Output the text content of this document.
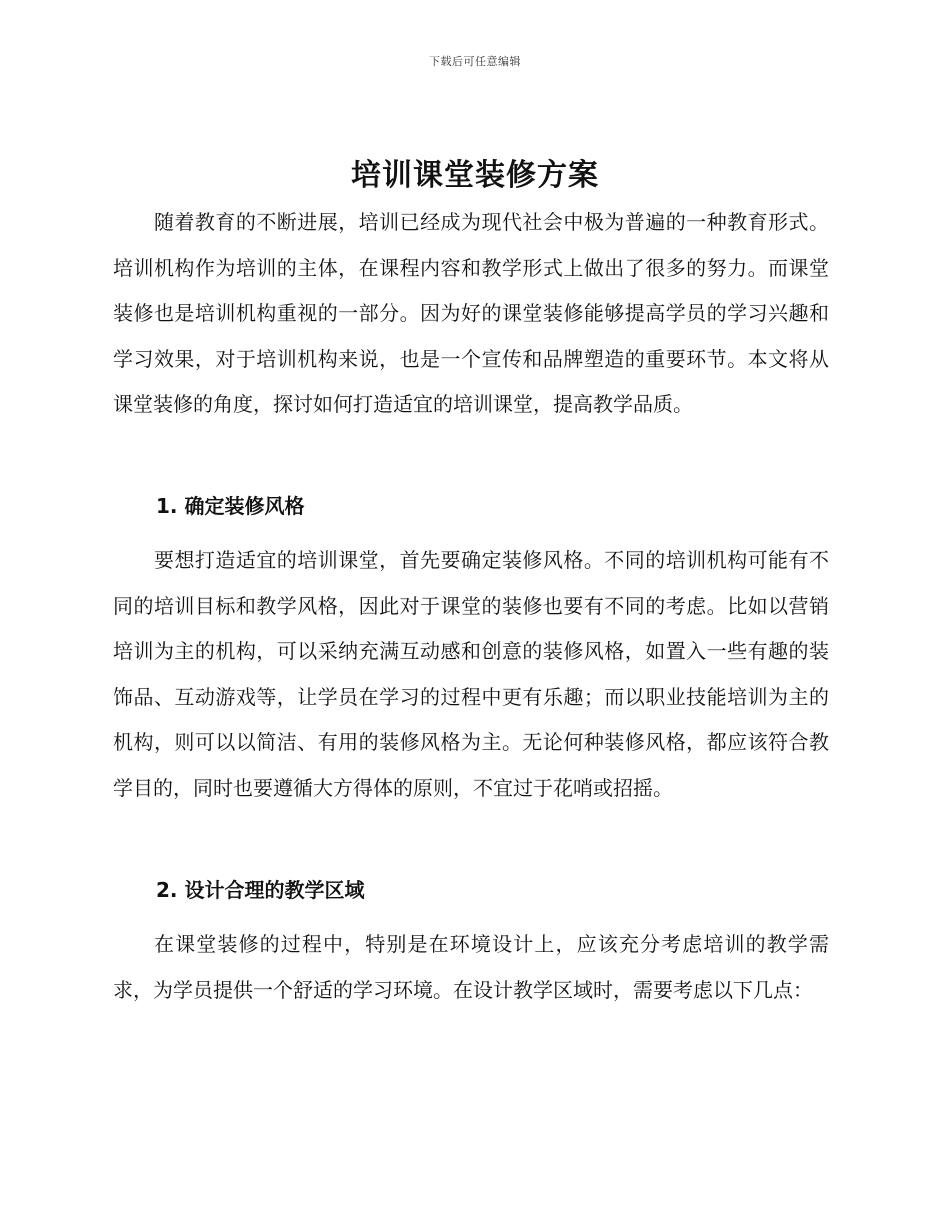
下载后可任意编辑
培训课堂装修方案

随着教育的不断进展，培训已经成为现代社会中极为普遍的一种教育形式。培训机构作为培训的主体，在课程内容和教学形式上做出了很多的努力。而课堂装修也是培训机构重视的一部分。因为好的课堂装修能够提高学员的学习兴趣和学习效果，对于培训机构来说，也是一个宣传和品牌塑造的重要环节。本文将从课堂装修的角度，探讨如何打造适宜的培训课堂，提高教学品质。

1. 确定装修风格

要想打造适宜的培训课堂，首先要确定装修风格。不同的培训机构可能有不同的培训目标和教学风格，因此对于课堂的装修也要有不同的考虑。比如以营销培训为主的机构，可以采纳充满互动感和创意的装修风格，如置入一些有趣的装饰品、互动游戏等，让学员在学习的过程中更有乐趣；而以职业技能培训为主的机构，则可以以简洁、有用的装修风格为主。无论何种装修风格，都应该符合教学目的，同时也要遵循大方得体的原则，不宜过于花哨或招摇。

2. 设计合理的教学区域

在课堂装修的过程中，特别是在环境设计上，应该充分考虑培训的教学需求，为学员提供一个舒适的学习环境。在设计教学区域时，需要考虑以下几点：
